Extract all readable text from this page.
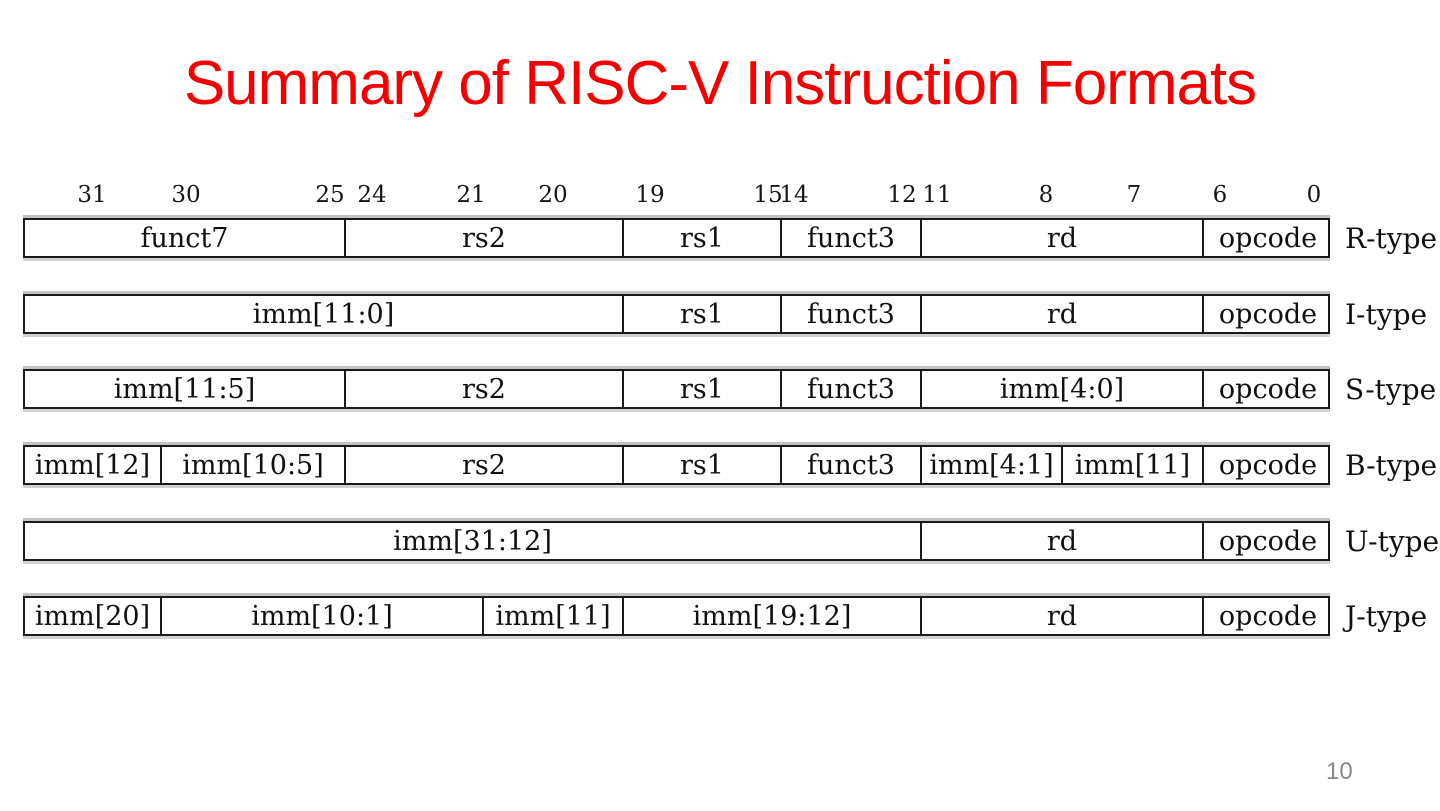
Summary of RISC-V Instruction Formats
31	30	25 24	21 20	19	15
14	12 11	8	7	6	0
funct7	rs2	rs1	funct3	rd	opcode R-type
imm[11:0]	rs1	funct3	rd	opcode I-type
imm[11:5]	rs2	rs1	funct3	imm[4:0]	opcode S-type
imm[12]	imm[10:5]	rs2	rs1	funct3	imm[4:1] imm[11]	opcode B-type
imm[31:12]	rd	opcode U-type
imm[20]	imm[10:1]	imm[11]	imm[19:12]	rd	opcode J-type
10
